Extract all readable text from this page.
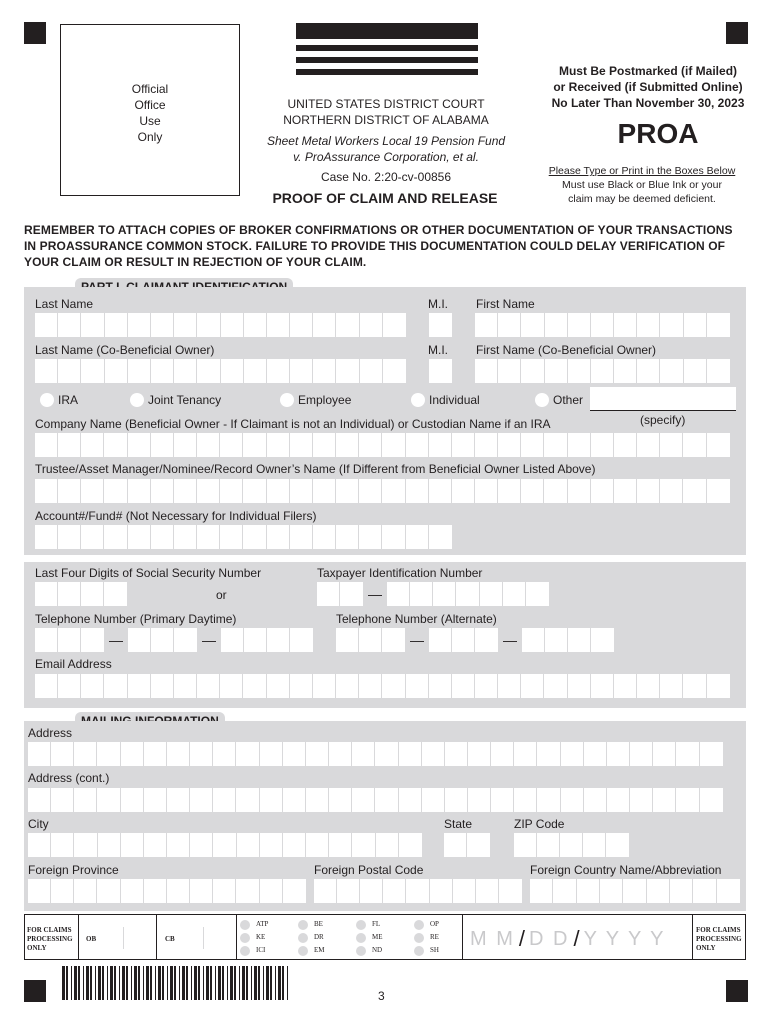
Official
Office
Use
Only
UNITED STATES DISTRICT COURT
NORTHERN DISTRICT OF ALABAMA
Sheet Metal Workers Local 19 Pension Fund
v. ProAssurance Corporation, et al.
Case No. 2:20-cv-00856
PROOF OF CLAIM AND RELEASE
Must Be Postmarked (if Mailed)
or Received (if Submitted Online)
No Later Than November 30, 2023
PROA
Please Type or Print in the Boxes Below
Must use Black or Blue Ink or your
claim may be deemed deficient.
REMEMBER TO ATTACH COPIES OF BROKER CONFIRMATIONS OR OTHER DOCUMENTATION OF YOUR TRANSACTIONS
IN PROASSURANCE COMMON STOCK. FAILURE TO PROVIDE THIS DOCUMENTATION COULD DELAY VERIFICATION OF
YOUR CLAIM OR RESULT IN REJECTION OF YOUR CLAIM.
Last Name	M.I. First Name
Last Name (Co-Beneficial Owner)	M.I. First Name (Co-Beneficial Owner)
IRA	Joint Tenancy	Employee	Individual	Other
(specify)
Company Name (Beneficial Owner - If Claimant is not an Individual) or Custodian Name if an IRA
Trustee/Asset Manager/Nominee/Record Owner’s Name (If Different from Beneficial Owner Listed Above)
Account#/Fund# (Not Necessary for Individual Filers)
Last Four Digits of Social Security Number	Taxpayer Identification Number
or	—
Telephone Number (Primary Daytime)	Telephone Number (Alternate)
—	—	—	—
Email Address
Address
Address (cont.)
City	State	ZIP Code
Foreign Province	Foreign Postal Code	Foreign Country Name/Abbreviation
FOR CLAIMS
PROCESSING
ONLY
OB	CB
ATP
KE
ICI
BE
DR
EM
FL
ME
ND
OP
RE
SH
M M / D D / Y Y Y Y	FOR CLAIMS
PROCESSING
ONLY
3
